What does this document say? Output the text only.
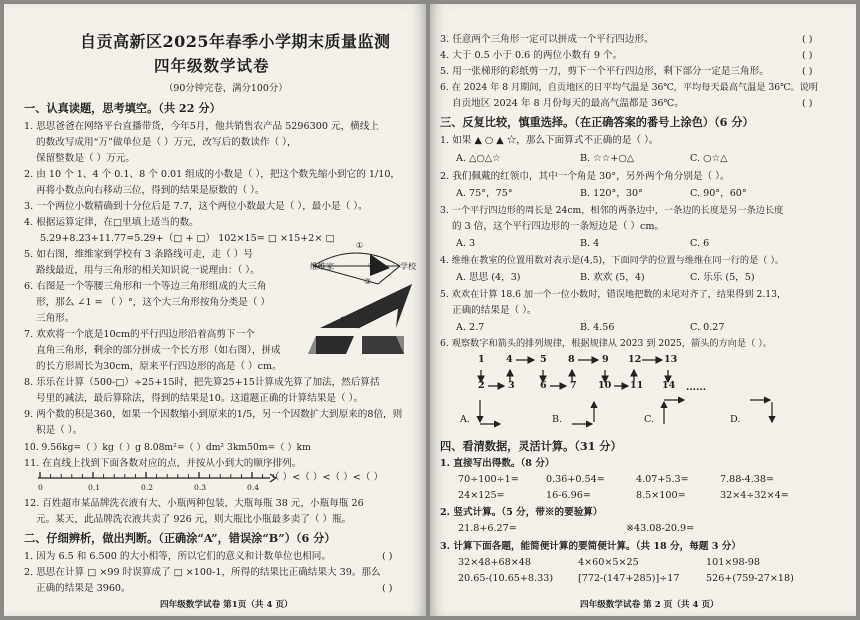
自贡高新区2025年春季小学期末质量监测
四年级数学试卷
（90分钟完卷，满分100分）
一、认真读题，思考填空。（共 22 分）
1. 思思爸爸在网络平台直播带货，今年5月，他共销售农产品 5296300 元，横线上
的数改写成用“万”做单位是（ ）万元，改写后的数读作（ ），
保留整数是（ ）万元。
2. 由 10 个 1、4 个 0.1、8 个 0.01 组成的小数是（ ），把这个数先缩小到它的 1/10，
再将小数点向右移动三位，得到的结果是原数的（ ）。
3. 一个两位小数精确到十分位后是 7.7，这个两位小数最大是（ ），最小是（ ）。
4. 根据运算定律，在□里填上适当的数。
5.29+8.23+11.77=5.29+（□ + □） 102×15= □ ×15+2× □
5. 如右图，维维家到学校有 3 条路线可走，走（ ）号
路线最近，用与三角形的相关知识说一说理由：（ ）。	维维家	学校
①
②
③
6. 右图是一个等腰三角形和一个等边三角形组成的大三角
形，那么 ∠1 = （ ）°，这个大三角形按角分类是（ ）
三角形。	1
7. 欢欢将一个底是10cm的平行四边形沿着高剪下一个
直角三角形，剩余的部分拼成一个长方形（如右图），拼成
的长方形周长为30cm，原来平行四边形的高是（ ）cm。
8. 乐乐在计算（500-□）÷25+15时，把先算25+15计算成先算了加法，然后算括
号里的减法，最后算除法，得到的结果是10。这道题正确的计算结果是（ ）。
9. 两个数的积是360，如果一个因数缩小到原来的1/5，另一个因数扩大到原来的8倍，则
积是（ ）。
10. 9.56kg=（ ）kg（ ）g 8.08m²=（ ）dm² 3km50m=（ ）km
11. 在直线上找到下面各数对应的点，并按从小到大的顺序排列。
0	0.1	0.2	0.3	0.4
（ ）<（ ）<（ ）<（ ）
12. 百姓超市某品牌洗衣液有大、小瓶两种包装，大瓶每瓶 38 元，小瓶每瓶 26
元。某天，此品牌洗衣液共卖了 926 元，则大瓶比小瓶最多卖了（ ）瓶。
二、仔细辨析，做出判断。（正确涂“A”，错误涂“B”）（6 分）
1. 因为 6.5 和 6.500 的大小相等，所以它们的意义和计数单位也相同。
2. 思思在计算 □ ×99 时误算成了 □ ×100-1，所得的结果比正确结果大 39。那么
正确的结果是 3960。
( )
( )
四年级数学试卷 第1页（共 4 页）
3. 任意两个三角形一定可以拼成一个平行四边形。	( )
4. 大于 0.5 小于 0.6 的两位小数有 9 个。	( )
5. 用一张梯形的彩纸剪一刀，剪下一个平行四边形，剩下部分一定是三角形。	( )
6. 在 2024 年 8 月期间，自贡地区的日平均气温是 36℃，平均每天最高气温是 36℃。说明
自贡地区 2024 年 8 月份每天的最高气温都是 36℃。	( )
三、反复比较，慎重选择。（在正确答案的番号上涂色）（6 分）
1. 如果 ▲ ○ ▲ ☆，那么下面算式不正确的是（ ）。
A. △○△☆	B. ☆☆+○△	C. ○☆△
2. 我们佩戴的红领巾，其中一个角是 30°，另外两个角分别是（ ）。
A. 75°，75°	B. 120°，30°	C. 90°，60°
3. 一个平行四边形的周长是 24cm，相邻的两条边中，一条边的长度是另一条边长度
的 3 倍，这个平行四边形的一条短边是（ ）cm。
A. 3	B. 4	C. 6
4. 维维在教室的位置用数对表示是(4,5)，下面同学的位置与维维在同一行的是（ ）。
A. 思思 (4，3)	B. 欢欢 (5，4)	C. 乐乐 (5，5)
5. 欢欢在计算 18.6 加一个一位小数时，错误地把数的末尾对齐了，结果得到 2.13，
正确的结果是（ ）。
A. 2.7	B. 4.56	C. 0.27
6. 观察数字和箭头的排列规律，根据规律从 2023 到 2025，箭头的方向是（ ）。
1 4	5 8	9 12 13
2 3	6 7 10 11 14 ......
A.	B.	C.	D.
四、看清数据，灵活计算。（31 分）
1. 直接写出得数。（8 分）
70÷100÷1=	0.36+0.54=	4.07+5.3=	7.88-4.38=
24×125=	16-6.96=	8.5×100=	32×4÷32×4=
2. 竖式计算。（5 分，带※的要验算）
21.8+6.27=	※43.08-20.9=
3. 计算下面各题，能简便计算的要简便计算。（共 18 分，每题 3 分）
32×48+68×48	4×60×5×25	101×98-98
20.65-(10.65+8.33)	[772-(147+285)]÷17	526+(759-27×18)
四年级数学试卷 第 2 页（共 4 页）
